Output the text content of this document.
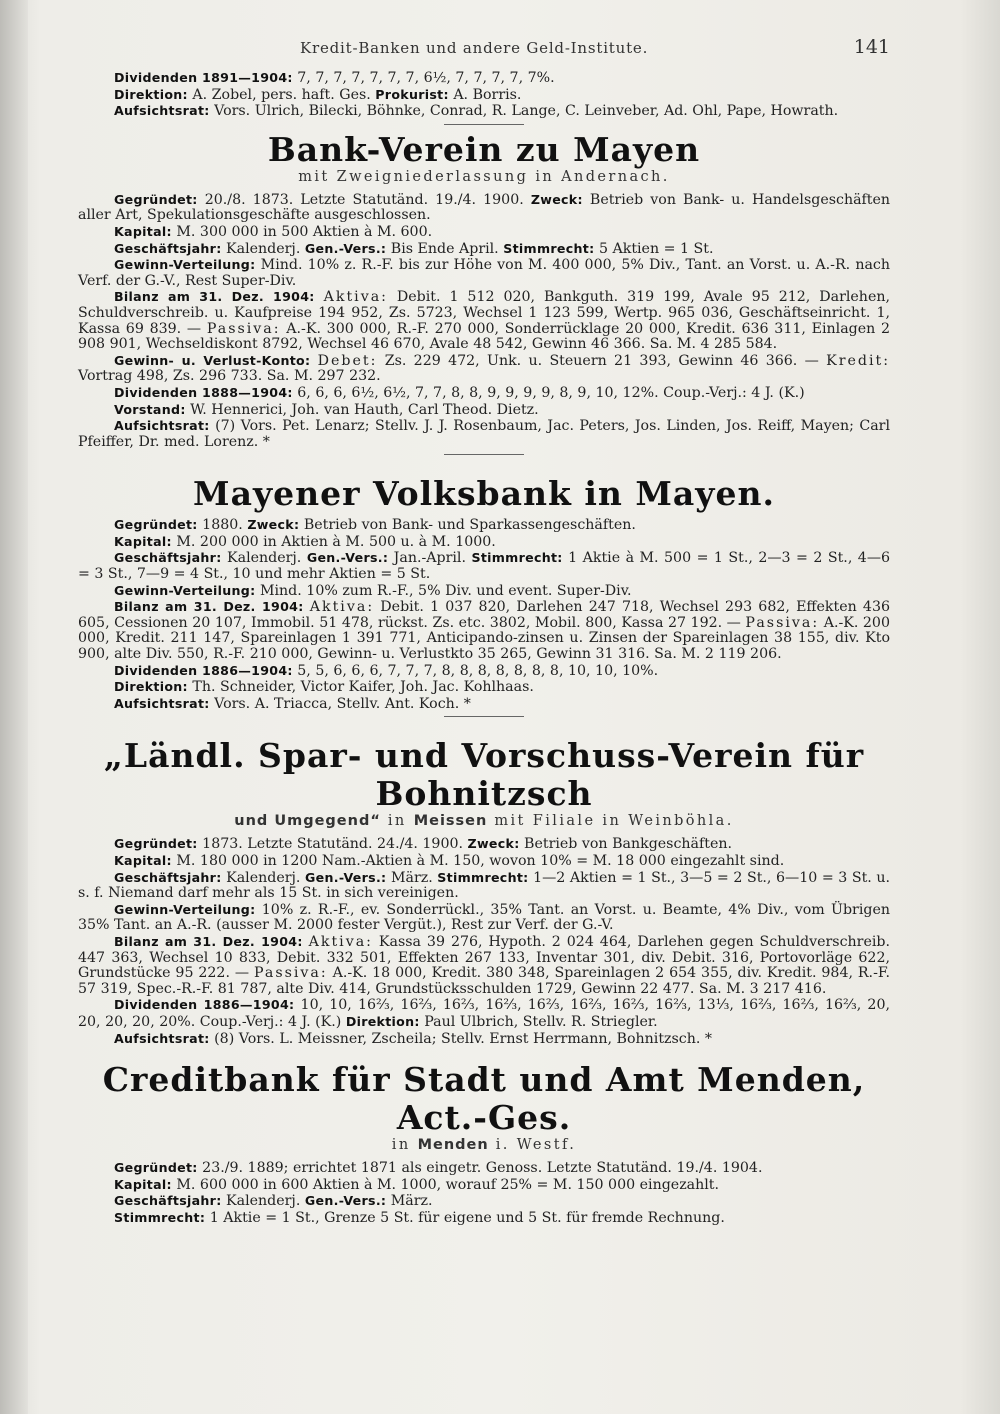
Kredit-Banken und andere Geld-Institute.	141

Dividenden 1891—1904: 7, 7, 7, 7, 7, 7, 7, 6½, 7, 7, 7, 7, 7%.

Direktion: A. Zobel, pers. haft. Ges. Prokurist: A. Borris.

Aufsichtsrat: Vors. Ulrich, Bilecki, Böhnke, Conrad, R. Lange, C. Leinveber, Ad. Ohl, Pape, Howrath.

Bank-Verein zu Mayen

mit Zweigniederlassung in Andernach.

Gegründet: 20./8. 1873. Letzte Statutänd. 19./4. 1900. Zweck: Betrieb von Bank- u. Handelsgeschäften aller Art, Spekulationsgeschäfte ausgeschlossen.

Kapital: M. 300 000 in 500 Aktien à M. 600.

Geschäftsjahr: Kalenderj. Gen.-Vers.: Bis Ende April. Stimmrecht: 5 Aktien = 1 St.

Gewinn-Verteilung: Mind. 10% z. R.-F. bis zur Höhe von M. 400 000, 5% Div., Tant. an Vorst. u. A.-R. nach Verf. der G.-V., Rest Super-Div.

Bilanz am 31. Dez. 1904: Aktiva: Debit. 1 512 020, Bankguth. 319 199, Avale 95 212, Darlehen, Schuldverschreib. u. Kaufpreise 194 952, Zs. 5723, Wechsel 1 123 599, Wertp. 965 036, Geschäftseinricht. 1, Kassa 69 839. — Passiva: A.-K. 300 000, R.-F. 270 000, Sonderrücklage 20 000, Kredit. 636 311, Einlagen 2 908 901, Wechseldiskont 8792, Wechsel 46 670, Avale 48 542, Gewinn 46 366. Sa. M. 4 285 584.

Gewinn- u. Verlust-Konto: Debet: Zs. 229 472, Unk. u. Steuern 21 393, Gewinn 46 366. — Kredit: Vortrag 498, Zs. 296 733. Sa. M. 297 232.

Dividenden 1888—1904: 6, 6, 6, 6½, 6½, 7, 7, 8, 8, 9, 9, 9, 9, 8, 9, 10, 12%. Coup.-Verj.: 4 J. (K.)

Vorstand: W. Hennerici, Joh. van Hauth, Carl Theod. Dietz.

Aufsichtsrat: (7) Vors. Pet. Lenarz; Stellv. J. J. Rosenbaum, Jac. Peters, Jos. Linden, Jos. Reiff, Mayen; Carl Pfeiffer, Dr. med. Lorenz. *

Mayener Volksbank in Mayen.

Gegründet: 1880. Zweck: Betrieb von Bank- und Sparkassengeschäften.

Kapital: M. 200 000 in Aktien à M. 500 u. à M. 1000.

Geschäftsjahr: Kalenderj. Gen.-Vers.: Jan.-April. Stimmrecht: 1 Aktie à M. 500 = 1 St., 2—3 = 2 St., 4—6 = 3 St., 7—9 = 4 St., 10 und mehr Aktien = 5 St.

Gewinn-Verteilung: Mind. 10% zum R.-F., 5% Div. und event. Super-Div.

Bilanz am 31. Dez. 1904: Aktiva: Debit. 1 037 820, Darlehen 247 718, Wechsel 293 682, Effekten 436 605, Cessionen 20 107, Immobil. 51 478, rückst. Zs. etc. 3802, Mobil. 800, Kassa 27 192. — Passiva: A.-K. 200 000, Kredit. 211 147, Spareinlagen 1 391 771, Anticipando-zinsen u. Zinsen der Spareinlagen 38 155, div. Kto 900, alte Div. 550, R.-F. 210 000, Gewinn- u. Verlustkto 35 265, Gewinn 31 316. Sa. M. 2 119 206.

Dividenden 1886—1904: 5, 5, 6, 6, 6, 7, 7, 7, 8, 8, 8, 8, 8, 8, 8, 10, 10, 10%.

Direktion: Th. Schneider, Victor Kaifer, Joh. Jac. Kohlhaas.

Aufsichtsrat: Vors. A. Triacca, Stellv. Ant. Koch. *

„Ländl. Spar- und Vorschuss-Verein für Bohnitzsch

und Umgegend“ in Meissen mit Filiale in Weinböhla.

Gegründet: 1873. Letzte Statutänd. 24./4. 1900. Zweck: Betrieb von Bankgeschäften.

Kapital: M. 180 000 in 1200 Nam.-Aktien à M. 150, wovon 10% = M. 18 000 eingezahlt sind.

Geschäftsjahr: Kalenderj. Gen.-Vers.: März. Stimmrecht: 1—2 Aktien = 1 St., 3—5 = 2 St., 6—10 = 3 St. u. s. f. Niemand darf mehr als 15 St. in sich vereinigen.

Gewinn-Verteilung: 10% z. R.-F., ev. Sonderrückl., 35% Tant. an Vorst. u. Beamte, 4% Div., vom Übrigen 35% Tant. an A.-R. (ausser M. 2000 fester Vergüt.), Rest zur Verf. der G.-V.

Bilanz am 31. Dez. 1904: Aktiva: Kassa 39 276, Hypoth. 2 024 464, Darlehen gegen Schuldverschreib. 447 363, Wechsel 10 833, Debit. 332 501, Effekten 267 133, Inventar 301, div. Debit. 316, Portovorläge 622, Grundstücke 95 222. — Passiva: A.-K. 18 000, Kredit. 380 348, Spareinlagen 2 654 355, div. Kredit. 984, R.-F. 57 319, Spec.-R.-F. 81 787, alte Div. 414, Grundstücksschulden 1729, Gewinn 22 477. Sa. M. 3 217 416.

Dividenden 1886—1904: 10, 10, 16⅔, 16⅔, 16⅔, 16⅔, 16⅔, 16⅔, 16⅔, 16⅔, 13⅓, 16⅔, 16⅔, 16⅔, 20, 20, 20, 20, 20%. Coup.-Verj.: 4 J. (K.) Direktion: Paul Ulbrich, Stellv. R. Striegler.

Aufsichtsrat: (8) Vors. L. Meissner, Zscheila; Stellv. Ernst Herrmann, Bohnitzsch. *

Creditbank für Stadt und Amt Menden, Act.-Ges.

in Menden i. Westf.

Gegründet: 23./9. 1889; errichtet 1871 als eingetr. Genoss. Letzte Statutänd. 19./4. 1904.

Kapital: M. 600 000 in 600 Aktien à M. 1000, worauf 25% = M. 150 000 eingezahlt.

Geschäftsjahr: Kalenderj. Gen.-Vers.: März.

Stimmrecht: 1 Aktie = 1 St., Grenze 5 St. für eigene und 5 St. für fremde Rechnung.
